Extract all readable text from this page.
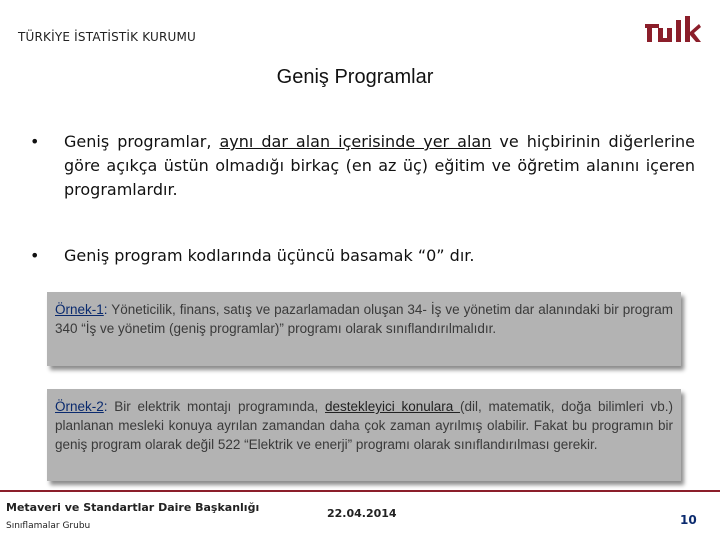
TÜRKİYE İSTATİSTİK KURUMU
Geniş Programlar
• Geniş programlar, aynı dar alan içerisinde yer alan ve hiçbirinin diğerlerine göre açıkça üstün olmadığı birkaç (en az üç) eğitim ve öğretim alanını içeren programlardır.
• Geniş program kodlarında üçüncü basamak “0” dır.
Örnek-1: Yöneticilik, finans, satış ve pazarlamadan oluşan 34- İş ve yönetim dar alanındaki bir program 340 “İş ve yönetim (geniş programlar)” programı olarak sınıflandırılmalıdır.
Örnek-2: Bir elektrik montajı programında, destekleyici konulara (dil, matematik, doğa bilimleri vb.) planlanan mesleki konuya ayrılan zamandan daha çok zaman ayrılmış olabilir. Fakat bu programın bir geniş program olarak değil 522 “Elektrik ve enerji” programı olarak sınıflandırılması gerekir.
Metaveri ve Standartlar Daire Başkanlığı
Sınıflamalar Grubu
22.04.2014	10
